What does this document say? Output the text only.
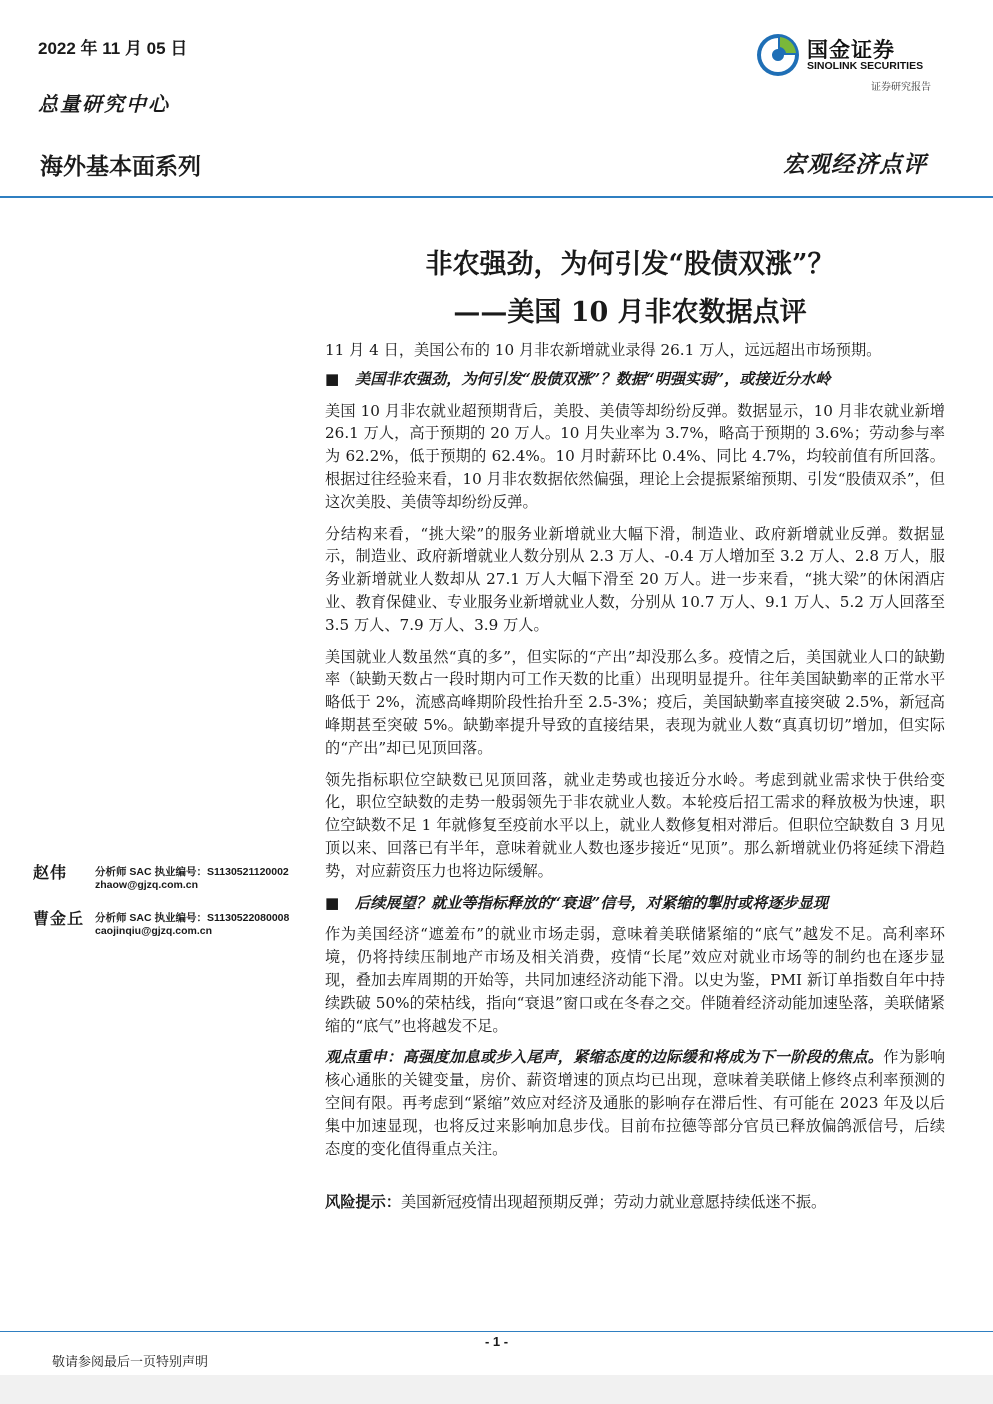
2022 年 11 月 05 日
总量研究中心
国金证券
SINOLINK SECURITIES
证券研究报告
海外基本面系列	宏观经济点评
非农强劲，为何引发“股债双涨”？
——美国 10 月非农数据点评
赵伟	分析师 SAC 执业编号：S1130521120002
zhaow@gjzq.com.cn
曹金丘 分析师 SAC 执业编号：S1130522080008
caojinqiu@gjzq.com.cn

11 月 4 日，美国公布的 10 月非农新增就业录得 26.1 万人，远远超出市场预期。

■	美国非农强劲，为何引发“股债双涨”？数据“明强实弱”，或接近分水岭

美国 10 月非农就业超预期背后，美股、美债等却纷纷反弹。数据显示，10 月非农就业新增 26.1 万人，高于预期的 20 万人。10 月失业率为 3.7%，略高于预期的 3.6%；劳动参与率为 62.2%，低于预期的 62.4%。10 月时薪环比 0.4%、同比 4.7%，均较前值有所回落。根据过往经验来看，10 月非农数据依然偏强，理论上会提振紧缩预期、引发“股债双杀”，但这次美股、美债等却纷纷反弹。

分结构来看，“挑大梁”的服务业新增就业大幅下滑，制造业、政府新增就业反弹。数据显示，制造业、政府新增就业人数分别从 2.3 万人、-0.4 万人增加至 3.2 万人、2.8 万人，服务业新增就业人数却从 27.1 万人大幅下滑至 20 万人。进一步来看，“挑大梁”的休闲酒店业、教育保健业、专业服务业新增就业人数，分别从 10.7 万人、9.1 万人、5.2 万人回落至 3.5 万人、7.9 万人、3.9 万人。

美国就业人数虽然“真的多”，但实际的“产出”却没那么多。疫情之后，美国就业人口的缺勤率（缺勤天数占一段时期内可工作天数的比重）出现明显提升。往年美国缺勤率的正常水平略低于 2%，流感高峰期阶段性抬升至 2.5-3%；疫后，美国缺勤率直接突破 2.5%，新冠高峰期甚至突破 5%。缺勤率提升导致的直接结果，表现为就业人数“真真切切”增加，但实际的“产出”却已见顶回落。

领先指标职位空缺数已见顶回落，就业走势或也接近分水岭。考虑到就业需求快于供给变化，职位空缺数的走势一般弱领先于非农就业人数。本轮疫后招工需求的释放极为快速，职位空缺数不足 1 年就修复至疫前水平以上，就业人数修复相对滞后。但职位空缺数自 3 月见顶以来、回落已有半年，意味着就业人数也逐步接近“见顶”。那么新增就业仍将延续下滑趋势，对应薪资压力也将边际缓解。

■	后续展望？就业等指标释放的“衰退”信号，对紧缩的掣肘或将逐步显现

作为美国经济“遮羞布”的就业市场走弱，意味着美联储紧缩的“底气”越发不足。高利率环境，仍将持续压制地产市场及相关消费，疫情“长尾”效应对就业市场等的制约也在逐步显现，叠加去库周期的开始等，共同加速经济动能下滑。以史为鉴，PMI 新订单指数自年中持续跌破 50%的荣枯线，指向“衰退”窗口或在冬春之交。伴随着经济动能加速坠落，美联储紧缩的“底气”也将越发不足。

观点重申：高强度加息或步入尾声，紧缩态度的边际缓和将成为下一阶段的焦点。作为影响核心通胀的关键变量，房价、薪资增速的顶点均已出现，意味着美联储上修终点利率预测的空间有限。再考虑到“紧缩”效应对经济及通胀的影响存在滞后性、有可能在 2023 年及以后集中加速显现，也将反过来影响加息步伐。目前布拉德等部分官员已释放偏鸽派信号，后续态度的变化值得重点关注。

风险提示：美国新冠疫情出现超预期反弹；劳动力就业意愿持续低迷不振。

- 1 -
敬请参阅最后一页特别声明
